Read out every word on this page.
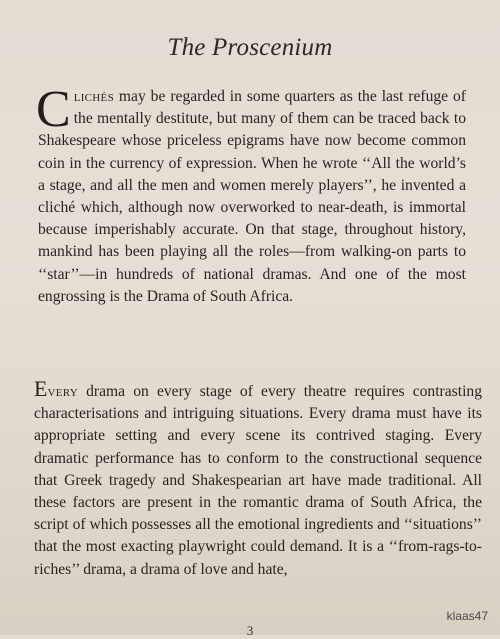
The Proscenium
Clichés may be regarded in some quarters as the last refuge of the mentally destitute, but many of them can be traced back to Shakespeare whose priceless epigrams have now become common coin in the currency of expression. When he wrote ‘‘All the world’s a stage, and all the men and women merely players’’, he invented a cliché which, although now overworked to near-death, is immortal because imperishably accurate. On that stage, throughout history, mankind has been playing all the roles—from walking-on parts to ‘‘star’’—in hundreds of national dramas. And one of the most engrossing is the Drama of South Africa.
Every drama on every stage of every theatre requires contrasting characterisations and intriguing situations. Every drama must have its appropriate setting and every scene its contrived staging. Every dramatic performance has to conform to the constructional sequence that Greek tragedy and Shakespearian art have made traditional. All these factors are present in the romantic drama of South Africa, the script of which possesses all the emotional ingredients and ‘‘situations’’ that the most exacting playwright could demand. It is a ‘‘from-rags-to-riches’’ drama, a drama of love and hate,
3
klaas47
